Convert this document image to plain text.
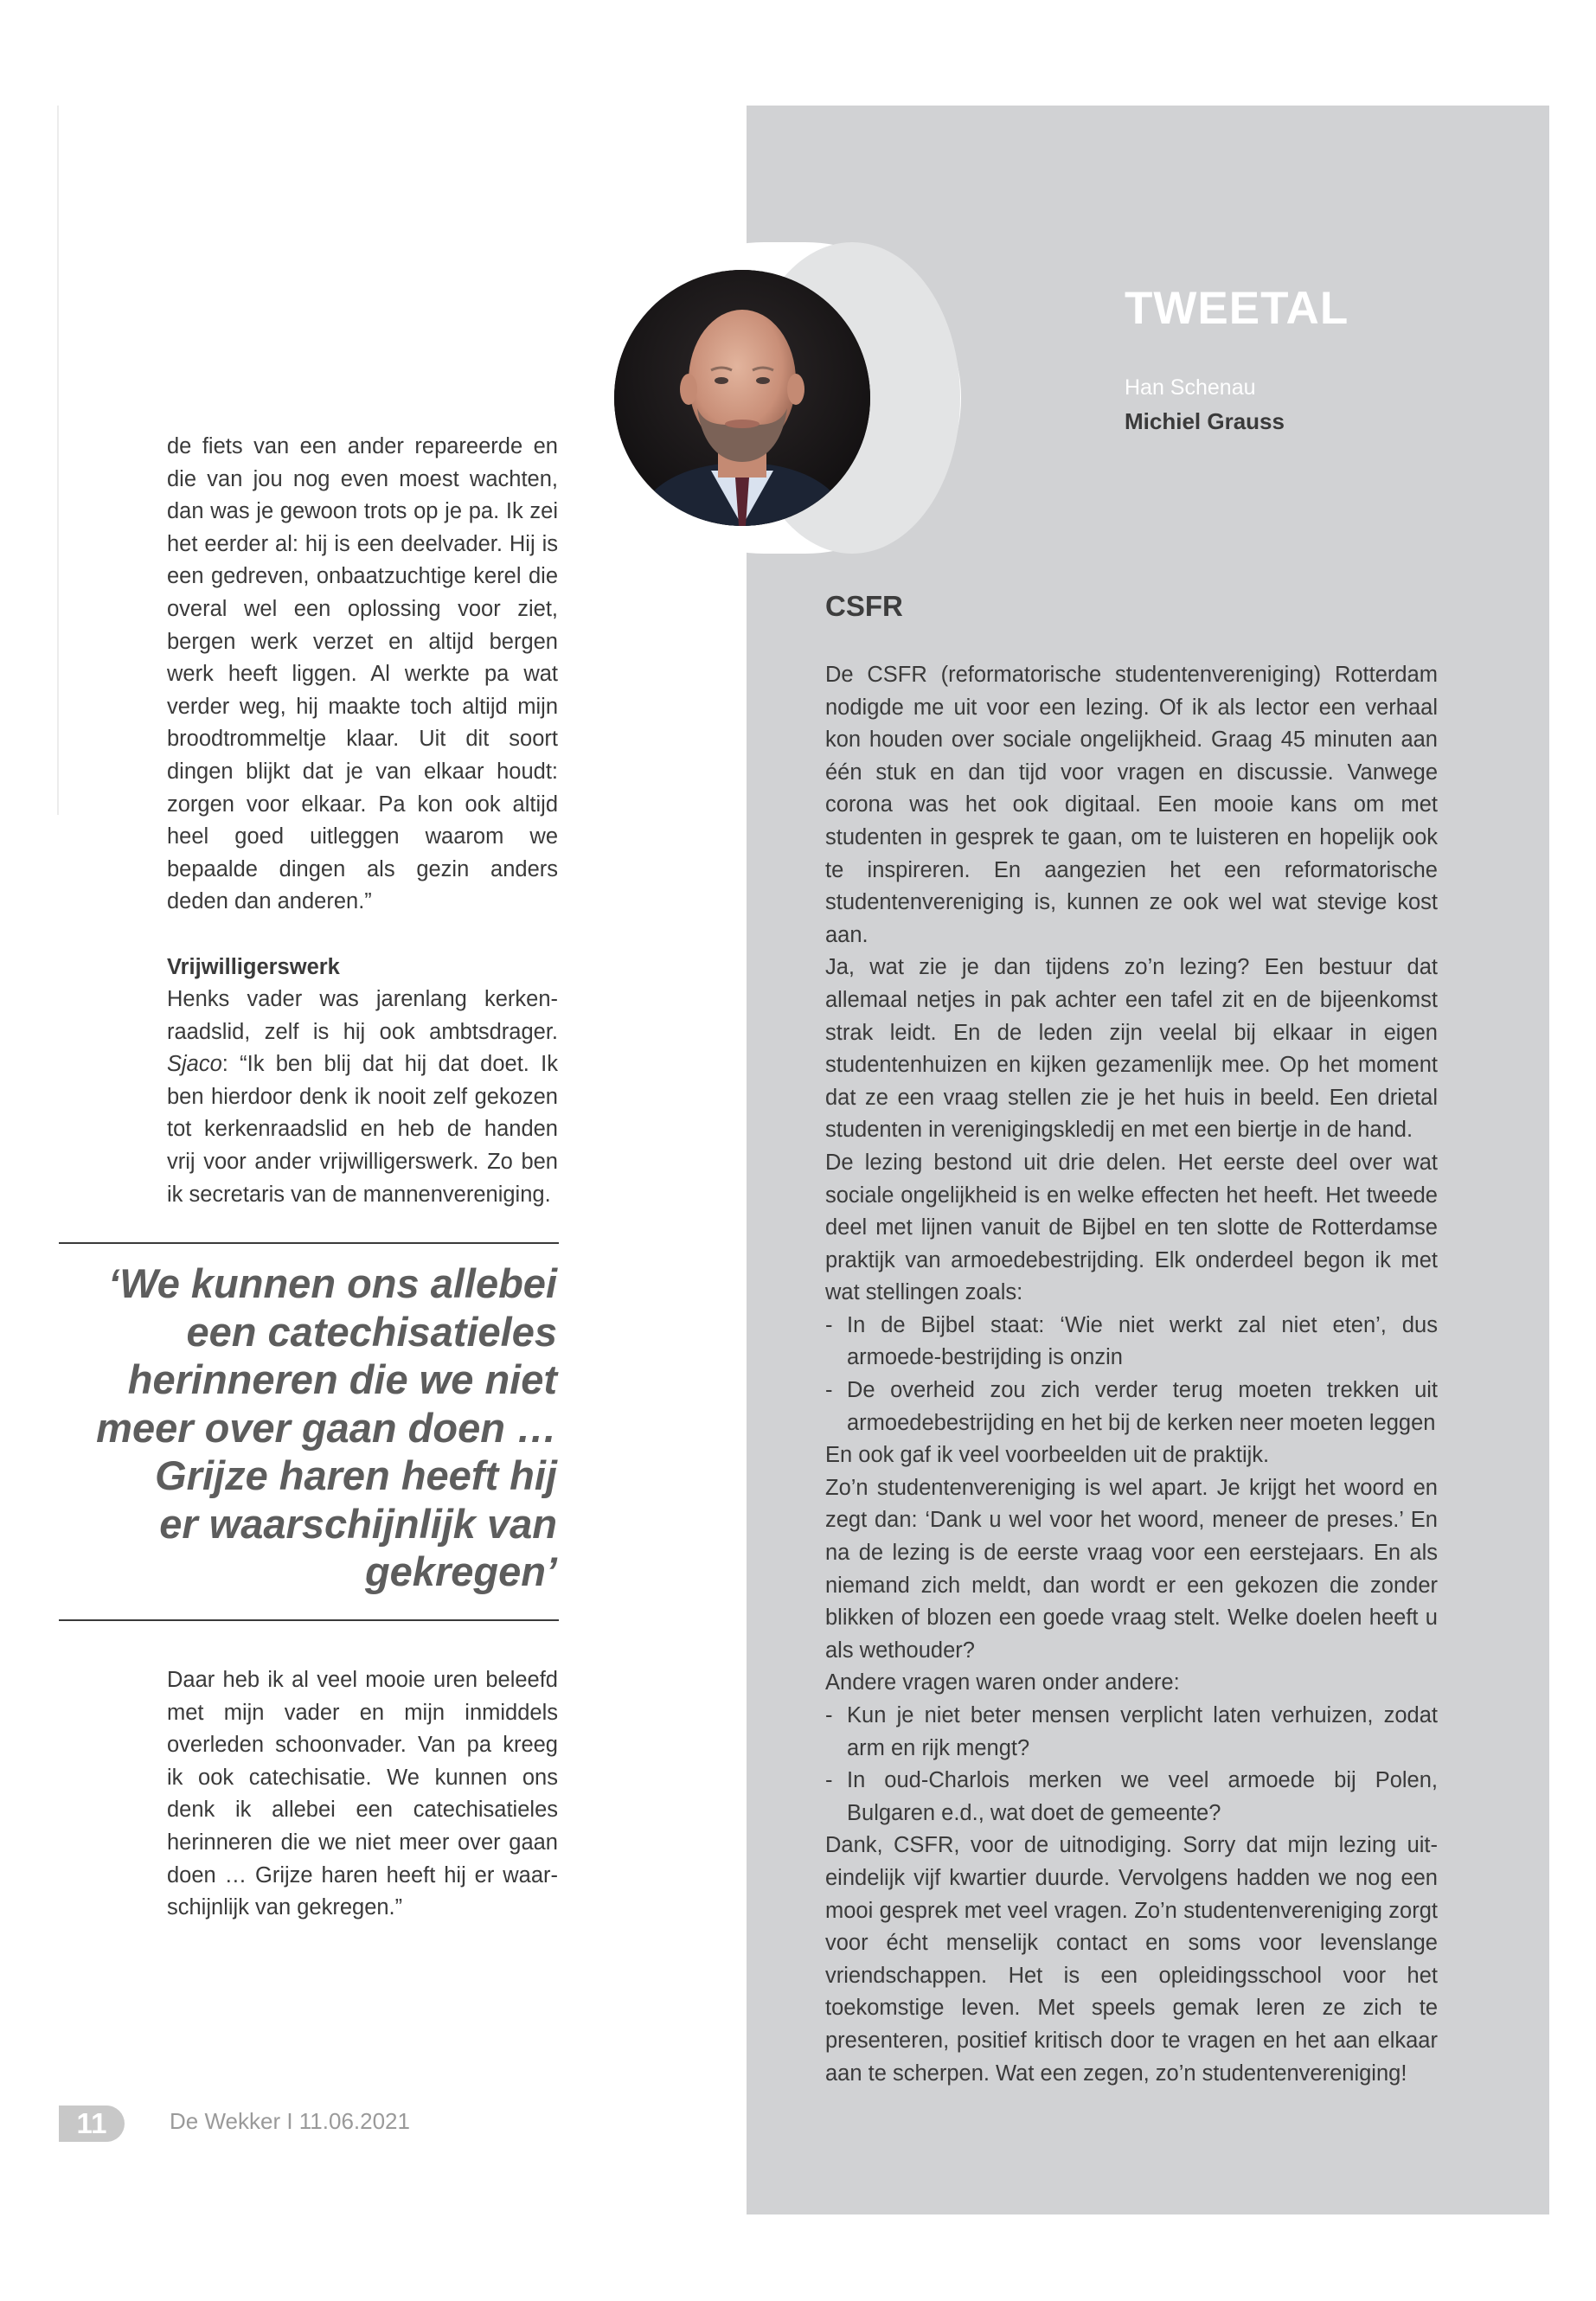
TWEETAL
Han Schenau
Michiel Grauss
CSFR

De CSFR (reformatorische studentenvereniging) Rotterdam nodigde me uit voor een lezing. Of ik als lector een verhaal kon houden over sociale ongelijkheid. Graag 45 minuten aan één stuk en dan tijd voor vragen en discussie. Vanwege corona was het ook digitaal. Een mooie kans om met studenten in gesprek te gaan, om te luisteren en hopelijk ook te inspireren. En aangezien het een reformatorische studentenvereniging is, kunnen ze ook wel wat stevige kost aan.

Ja, wat zie je dan tijdens zo’n lezing? Een bestuur dat allemaal netjes in pak achter een tafel zit en de bijeenkomst strak leidt. En de leden zijn veelal bij elkaar in eigen studentenhuizen en kijken gezamenlijk mee. Op het moment dat ze een vraag stellen zie je het huis in beeld. Een drietal studenten in verenigingskledij en met een biertje in de hand.

De lezing bestond uit drie delen. Het eerste deel over wat sociale ongelijkheid is en welke effecten het heeft. Het tweede deel met lijnen vanuit de Bijbel en ten slotte de Rotterdamse praktijk van armoedebestrijding. Elk onderdeel begon ik met wat stellingen zoals:

- In de Bijbel staat: ‘Wie niet werkt zal niet eten’, dus armoede-bestrijding is onzin

- De overheid zou zich verder terug moeten trekken uit armoedebestrijding en het bij de kerken neer moeten leggen

En ook gaf ik veel voorbeelden uit de praktijk.

Zo’n studentenvereniging is wel apart. Je krijgt het woord en zegt dan: ‘Dank u wel voor het woord, meneer de preses.’ En na de lezing is de eerste vraag voor een eerstejaars. En als niemand zich meldt, dan wordt er een gekozen die zonder blikken of blozen een goede vraag stelt. Welke doelen heeft u als wethouder?

Andere vragen waren onder andere:

- Kun je niet beter mensen verplicht laten verhuizen, zodat arm en rijk mengt?

- In oud-Charlois merken we veel armoede bij Polen, Bulgaren e.d., wat doet de gemeente?

Dank, CSFR, voor de uitnodiging. Sorry dat mijn lezing uit-eindelijk vijf kwartier duurde. Vervolgens hadden we nog een mooi gesprek met veel vragen. Zo’n studentenvereniging zorgt voor écht menselijk contact en soms voor levenslange vriendschappen. Het is een opleidingsschool voor het toekomstige leven. Met speels gemak leren ze zich te presenteren, positief kritisch door te vragen en het aan elkaar aan te scherpen. Wat een zegen, zo’n studentenvereniging!

de fiets van een ander repareerde en die van jou nog even moest wachten, dan was je gewoon trots op je pa. Ik zei het eerder al: hij is een deelvader. Hij is een gedreven, onbaatzuchtige kerel die overal wel een oplossing voor ziet, bergen werk verzet en altijd bergen werk heeft liggen. Al werkte pa wat verder weg, hij maakte toch altijd mijn broodtrommeltje klaar. Uit dit soort dingen blijkt dat je van elkaar houdt: zorgen voor elkaar. Pa kon ook altijd heel goed uitleggen waarom we bepaalde dingen als gezin anders deden dan anderen.”

Vrijwilligerswerk

Henks vader was jarenlang kerken-raadslid, zelf is hij ook ambtsdrager. Sjaco: “Ik ben blij dat hij dat doet. Ik ben hierdoor denk ik nooit zelf gekozen tot kerkenraadslid en heb de handen vrij voor ander vrijwilligerswerk. Zo ben ik secretaris van de mannenvereniging.

‘We kunnen ons allebei
een catechisatieles
herinneren die we niet
meer over gaan doen …
Grijze haren heeft hij
er waarschijnlijk van
gekregen’

Daar heb ik al veel mooie uren beleefd met mijn vader en mijn inmiddels overleden schoonvader. Van pa kreeg ik ook catechisatie. We kunnen ons denk ik allebei een catechisatieles herinneren die we niet meer over gaan doen … Grijze haren heeft hij er waar-schijnlijk van gekregen.”

11	De Wekker I 11.06.2021
